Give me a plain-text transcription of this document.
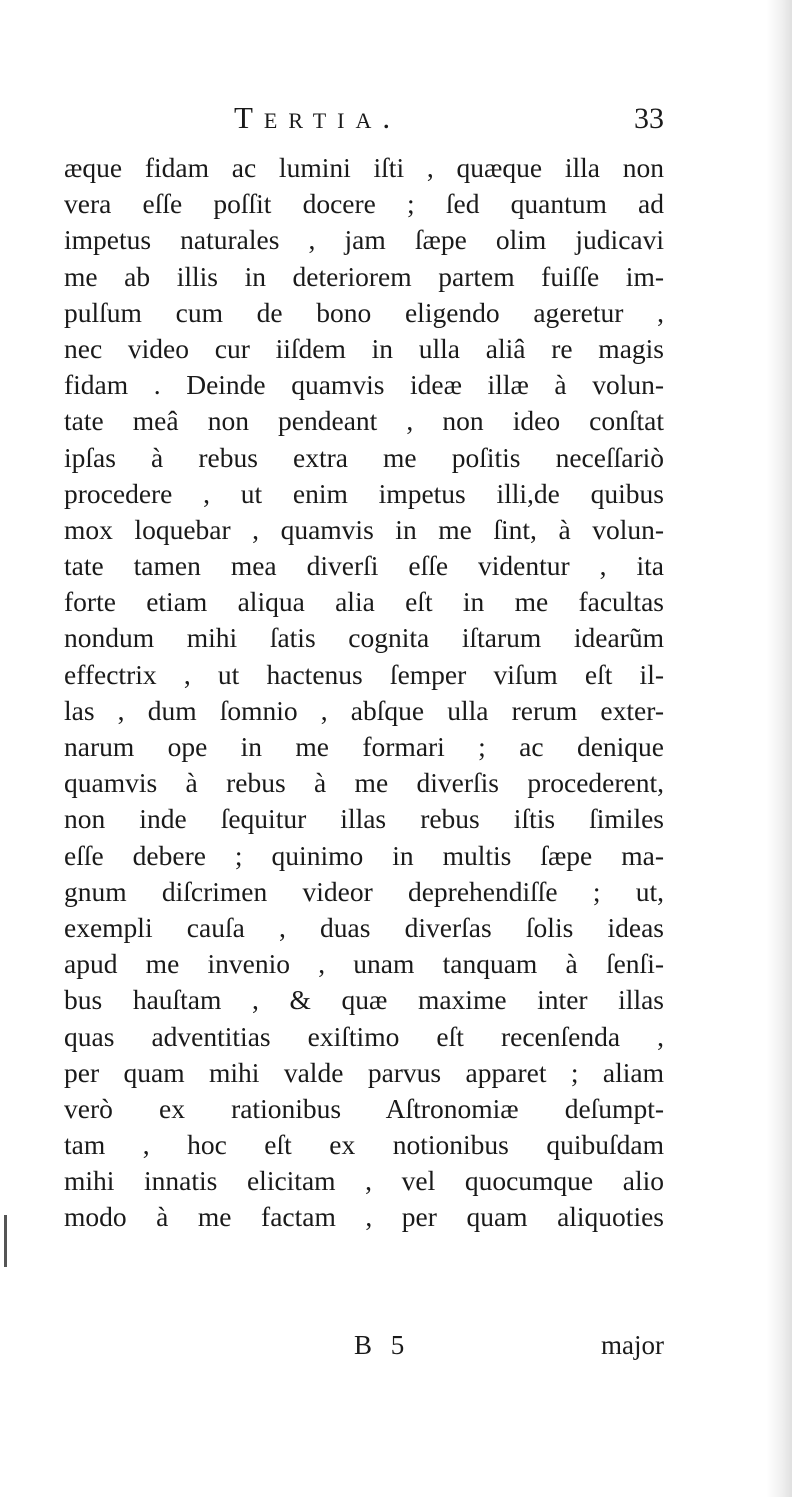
Tertia.	33
æque fidam ac lumini iſti , quæque illa non
vera eſſe poſſit docere ; ſed quantum ad
impetus naturales , jam ſæpe olim judicavi
me ab illis in deteriorem partem fuiſſe im-
pulſum cum de bono eligendo ageretur ,
nec video cur iiſdem in ulla aliâ re magis
fidam . Deinde quamvis ideæ illæ à volun-
tate meâ non pendeant , non ideo conſtat
ipſas à rebus extra me poſitis neceſſariò
procedere , ut enim impetus illi,de quibus
mox loquebar , quamvis in me ſint, à volun-
tate tamen mea diverſi eſſe videntur , ita
forte etiam aliqua alia eſt in me facultas
nondum mihi ſatis cognita iſtarum idearũm
effectrix , ut hactenus ſemper viſum eſt il-
las , dum ſomnio , abſque ulla rerum exter-
narum ope in me formari ; ac denique
quamvis à rebus à me diverſis procederent,
non inde ſequitur illas rebus iſtis ſimiles
eſſe debere ; quinimo in multis ſæpe ma-
gnum diſcrimen videor deprehendiſſe ; ut,
exempli cauſa , duas diverſas ſolis ideas
apud me invenio , unam tanquam à ſenſi-
bus hauſtam , & quæ maxime inter illas
quas adventitias exiſtimo eſt recenſenda ,
per quam mihi valde parvus apparet ; aliam
verò ex rationibus Aſtronomiæ deſumpt-
tam , hoc eſt ex notionibus quibuſdam
mihi innatis elicitam , vel quocumque alio
modo à me factam , per quam aliquoties
B 5	major
